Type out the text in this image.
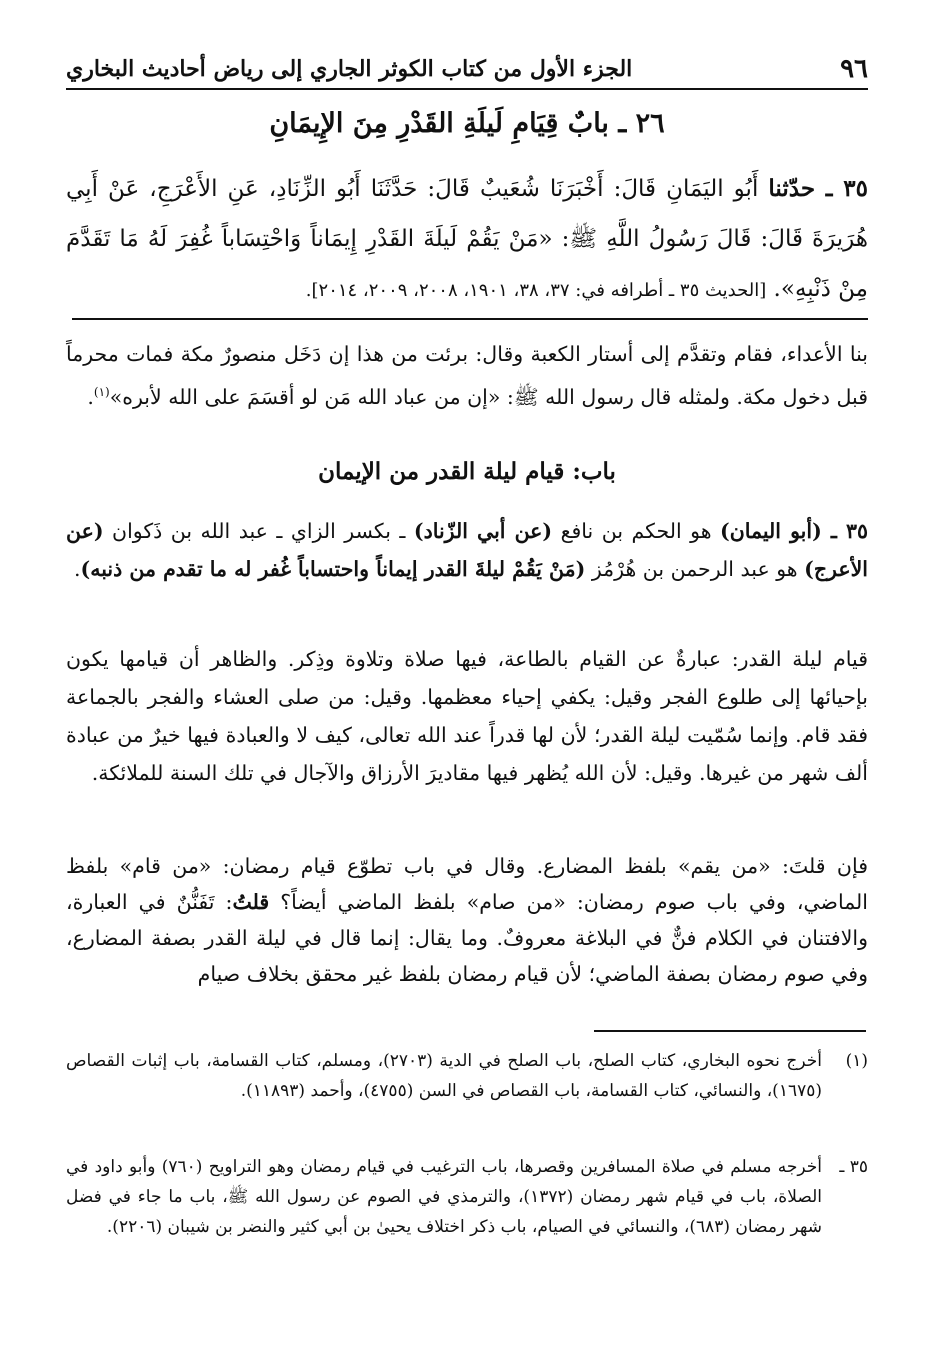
٩٦
الجزء الأول من كتاب الكوثر الجاري إلى رياض أحاديث البخاري
٢٦ ـ بابٌ قِيَامِ لَيلَةِ القَدْرِ مِنَ الإِيمَانِ
٣٥ ـ حدّثنا أَبُو اليَمَانِ قَالَ: أَخْبَرَنَا شُعَيبٌ قَالَ: حَدَّثَنَا أَبُو الزِّنَادِ، عَنِ الأَعْرَجِ، عَنْ أَبِي هُرَيرَةَ قَالَ: قَالَ رَسُولُ اللَّهِ ﷺ: «مَنْ يَقُمْ لَيلَةَ القَدْرِ إِيمَاناً وَاحْتِسَاباً غُفِرَ لَهُ مَا تَقَدَّمَ مِنْ ذَنْبِهِ». [الحديث ٣٥ ـ أطرافه في: ٣٧، ٣٨، ١٩٠١، ٢٠٠٨، ٢٠٠٩، ٢٠١٤].

بنا الأعداء، فقام وتقدَّم إلى أستار الكعبة وقال: برئت من هذا إن دَخَل منصورٌ مكة فمات محرماً قبل دخول مكة. ولمثله قال رسول الله ﷺ: «إن من عباد الله مَن لو أقسَمَ على الله لأبره»$^{(١)}$.

باب: قيام ليلة القدر من الإيمان

٣٥ ـ (أبو اليمان) هو الحكم بن نافع (عن أبي الزّناد) ـ بكسر الزاي ـ عبد الله بن ذَكوان (عن الأعرج) هو عبد الرحمن بن هُرْمُز (مَنْ يَقُمْ ليلةَ القدر إيماناً واحتساباً غُفر له ما تقدم من ذنبه).

قيام ليلة القدر: عبارةٌ عن القيام بالطاعة، فيها صلاة وتلاوة وذِكر. والظاهر أن قيامها يكون بإحيائها إلى طلوع الفجر وقيل: يكفي إحياء معظمها. وقيل: من صلى العشاء والفجر بالجماعة فقد قام. وإنما سُمّيت ليلة القدر؛ لأن لها قدراً عند الله تعالى، كيف لا والعبادة فيها خيرٌ من عبادة ألف شهر من غيرها. وقيل: لأن الله يُظهر فيها مقاديرَ الأرزاق والآجال في تلك السنة للملائكة.

فإن قلتَ: «من يقم» بلفظ المضارع. وقال في باب تطوّع قيام رمضان: «من قام» بلفظ الماضي، وفي باب صوم رمضان: «من صام» بلفظ الماضي أيضاً؟ قلتُ: تَفَنُّنٌ في العبارة، والافتنان في الكلام فنٌّ في البلاغة معروفٌ. وما يقال: إنما قال في ليلة القدر بصفة المضارع، وفي صوم رمضان بصفة الماضي؛ لأن قيام رمضان بلفظ غير محقق بخلاف صيام

(١)
أخرج نحوه البخاري، كتاب الصلح، باب الصلح في الدية (٢٧٠٣)، ومسلم، كتاب القسامة، باب إثبات القصاص (١٦٧٥)، والنسائي، كتاب القسامة، باب القصاص في السن (٤٧٥٥)، وأحمد (١١٨٩٣).

٣٥ ـ
أخرجه مسلم في صلاة المسافرين وقصرها، باب الترغيب في قيام رمضان وهو التراويح (٧٦٠) وأبو داود في الصلاة، باب في قيام شهر رمضان (١٣٧٢)، والترمذي في الصوم عن رسول الله ﷺ، باب ما جاء في فضل شهر رمضان (٦٨٣)، والنسائي في الصيام، باب ذكر اختلاف يحيىٰ بن أبي كثير والنضر بن شيبان (٢٢٠٦).
